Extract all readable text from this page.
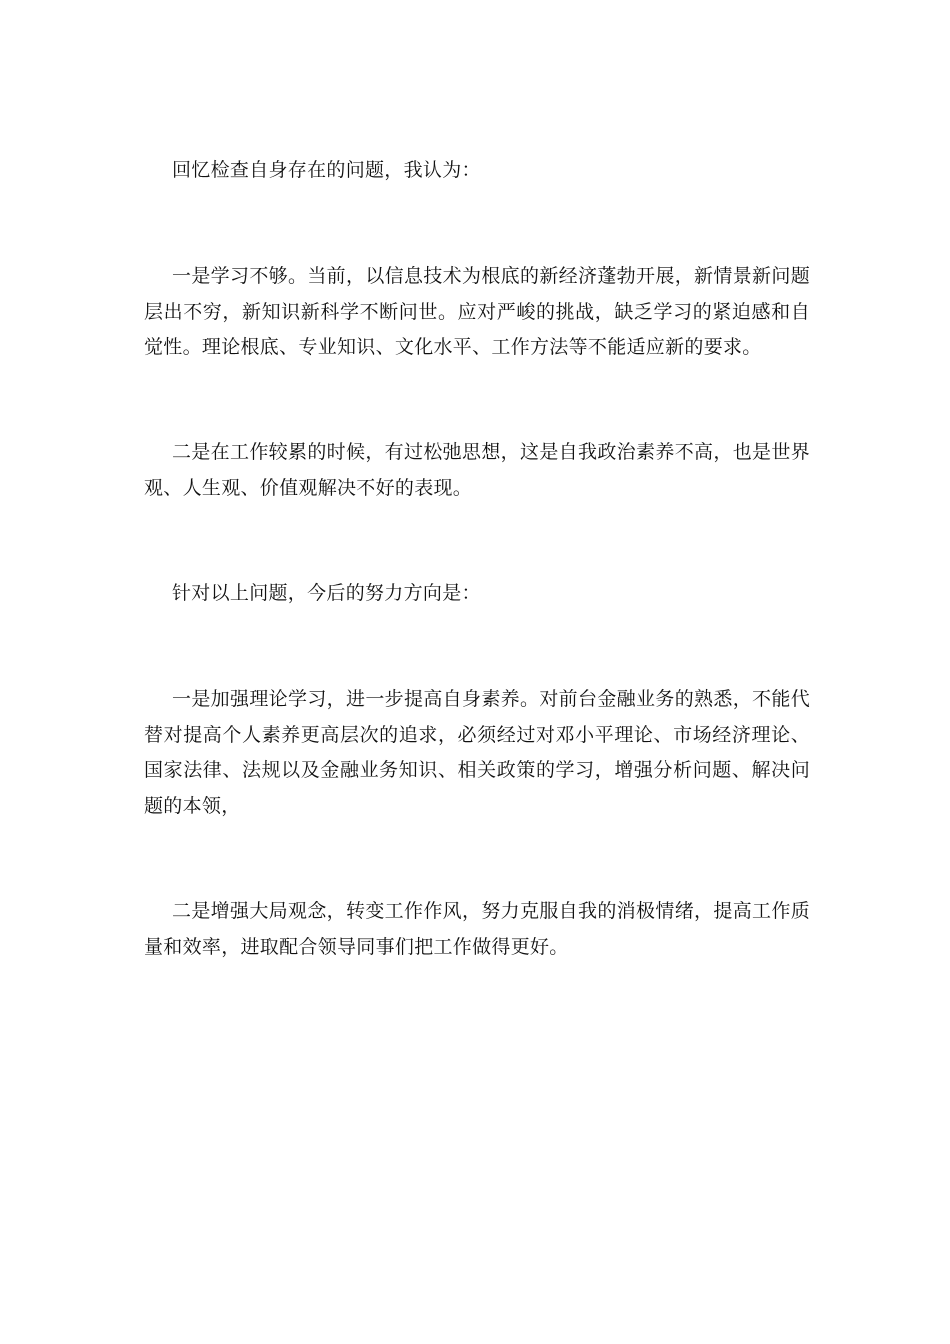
回忆检查自身存在的问题，我认为：

一是学习不够。当前，以信息技术为根底的新经济蓬勃开展，新情景新问题层出不穷，新知识新科学不断问世。应对严峻的挑战，缺乏学习的紧迫感和自觉性。理论根底、专业知识、文化水平、工作方法等不能适应新的要求。

二是在工作较累的时候，有过松弛思想，这是自我政治素养不高，也是世界观、人生观、价值观解决不好的表现。

针对以上问题，今后的努力方向是：

一是加强理论学习，进一步提高自身素养。对前台金融业务的熟悉，不能代替对提高个人素养更高层次的追求，必须经过对邓小平理论、市场经济理论、国家法律、法规以及金融业务知识、相关政策的学习，增强分析问题、解决问题的本领，

二是增强大局观念，转变工作作风，努力克服自我的消极情绪，提高工作质量和效率，进取配合领导同事们把工作做得更好。
